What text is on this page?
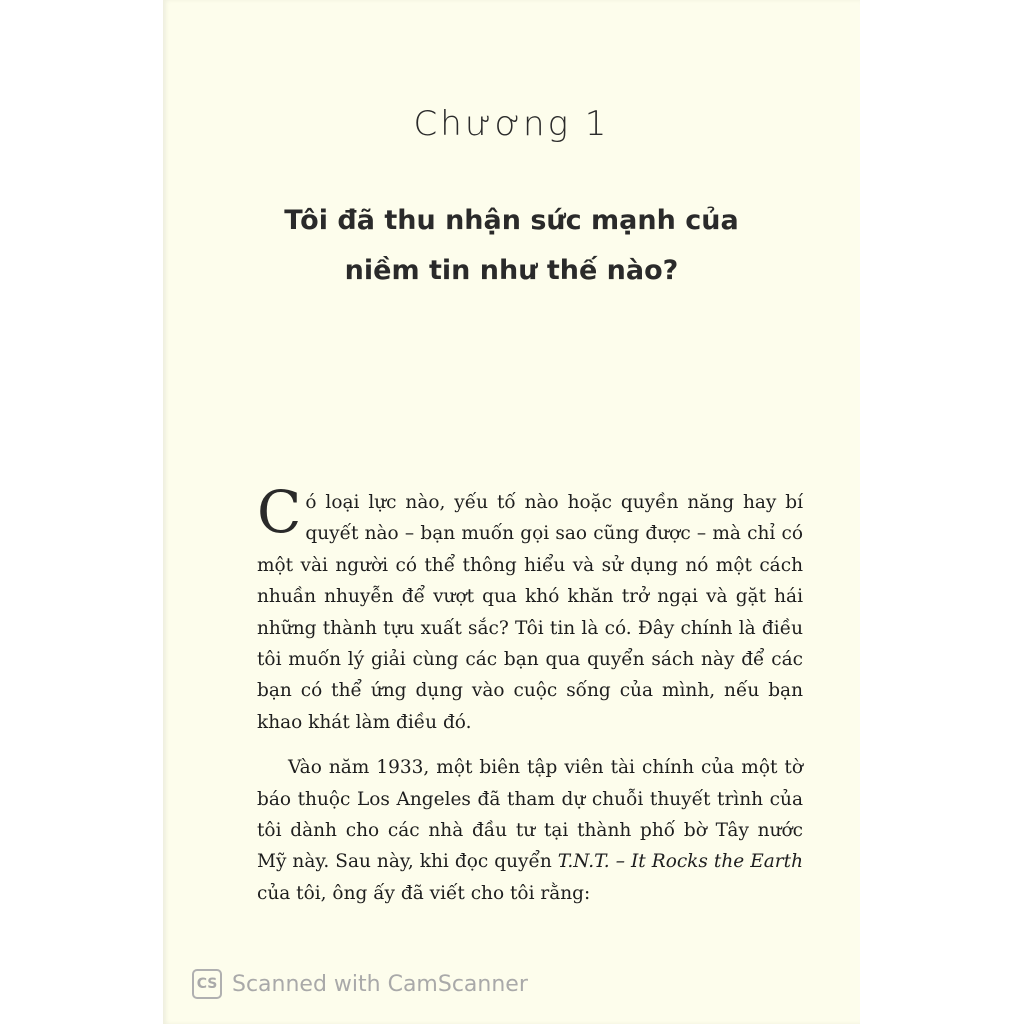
Chương 1
Tôi đã thu nhận sức mạnh của
niềm tin như thế nào?

Có loại lực nào, yếu tố nào hoặc quyền năng hay bí quyết nào – bạn muốn gọi sao cũng được – mà chỉ có một vài người có thể thông hiểu và sử dụng nó một cách nhuần nhuyễn để vượt qua khó khăn trở ngại và gặt hái những thành tựu xuất sắc? Tôi tin là có. Đây chính là điều tôi muốn lý giải cùng các bạn qua quyển sách này để các bạn có thể ứng dụng vào cuộc sống của mình, nếu bạn khao khát làm điều đó.

Vào năm 1933, một biên tập viên tài chính của một tờ báo thuộc Los Angeles đã tham dự chuỗi thuyết trình của tôi dành cho các nhà đầu tư tại thành phố bờ Tây nước Mỹ này. Sau này, khi đọc quyển T.N.T. – It Rocks the Earth của tôi, ông ấy đã viết cho tôi rằng:

CS Scanned with CamScanner
